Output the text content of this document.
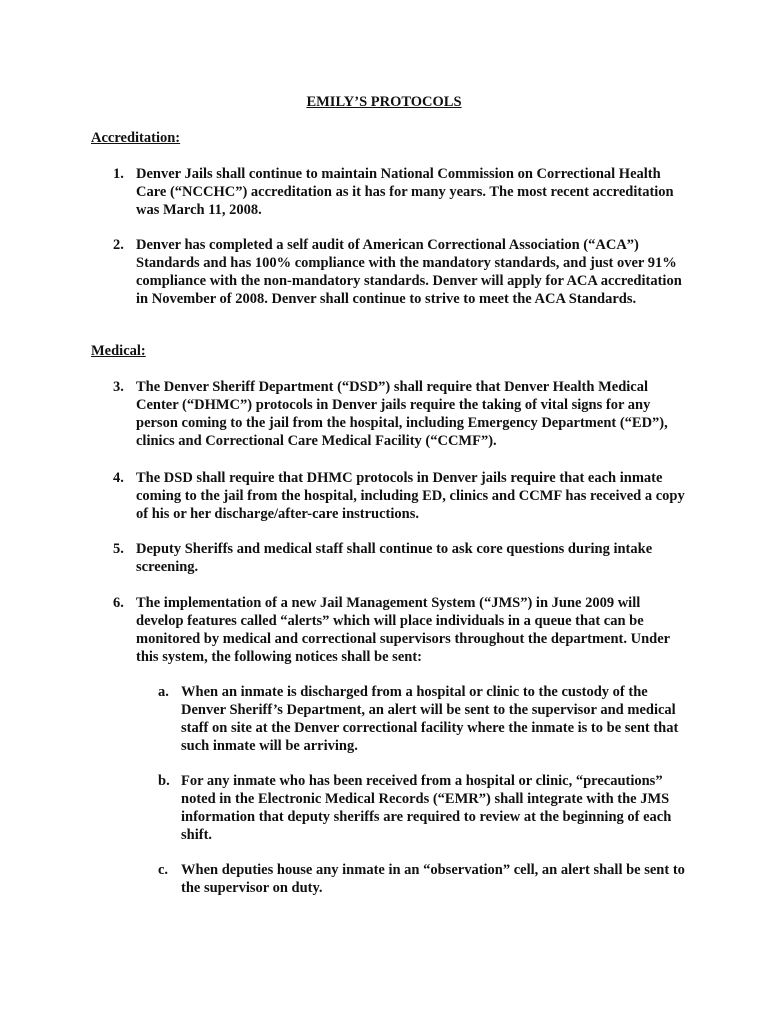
EMILY’S PROTOCOLS
Accreditation:
1. Denver Jails shall continue to maintain National Commission on Correctional Health Care (“NCCHC”) accreditation as it has for many years. The most recent accreditation was March 11, 2008.
2. Denver has completed a self audit of American Correctional Association (“ACA”) Standards and has 100% compliance with the mandatory standards, and just over 91% compliance with the non-mandatory standards. Denver will apply for ACA accreditation in November of 2008. Denver shall continue to strive to meet the ACA Standards.
Medical:
3. The Denver Sheriff Department (“DSD”) shall require that Denver Health Medical Center (“DHMC”) protocols in Denver jails require the taking of vital signs for any person coming to the jail from the hospital, including Emergency Department (“ED”), clinics and Correctional Care Medical Facility (“CCMF”).
4. The DSD shall require that DHMC protocols in Denver jails require that each inmate coming to the jail from the hospital, including ED, clinics and CCMF has received a copy of his or her discharge/after-care instructions.
5. Deputy Sheriffs and medical staff shall continue to ask core questions during intake screening.
6. The implementation of a new Jail Management System (“JMS”) in June 2009 will develop features called “alerts” which will place individuals in a queue that can be monitored by medical and correctional supervisors throughout the department. Under this system, the following notices shall be sent:
a. When an inmate is discharged from a hospital or clinic to the custody of the Denver Sheriff’s Department, an alert will be sent to the supervisor and medical staff on site at the Denver correctional facility where the inmate is to be sent that such inmate will be arriving.
b. For any inmate who has been received from a hospital or clinic, “precautions” noted in the Electronic Medical Records (“EMR”) shall integrate with the JMS information that deputy sheriffs are required to review at the beginning of each shift.
c. When deputies house any inmate in an “observation” cell, an alert shall be sent to the supervisor on duty.
